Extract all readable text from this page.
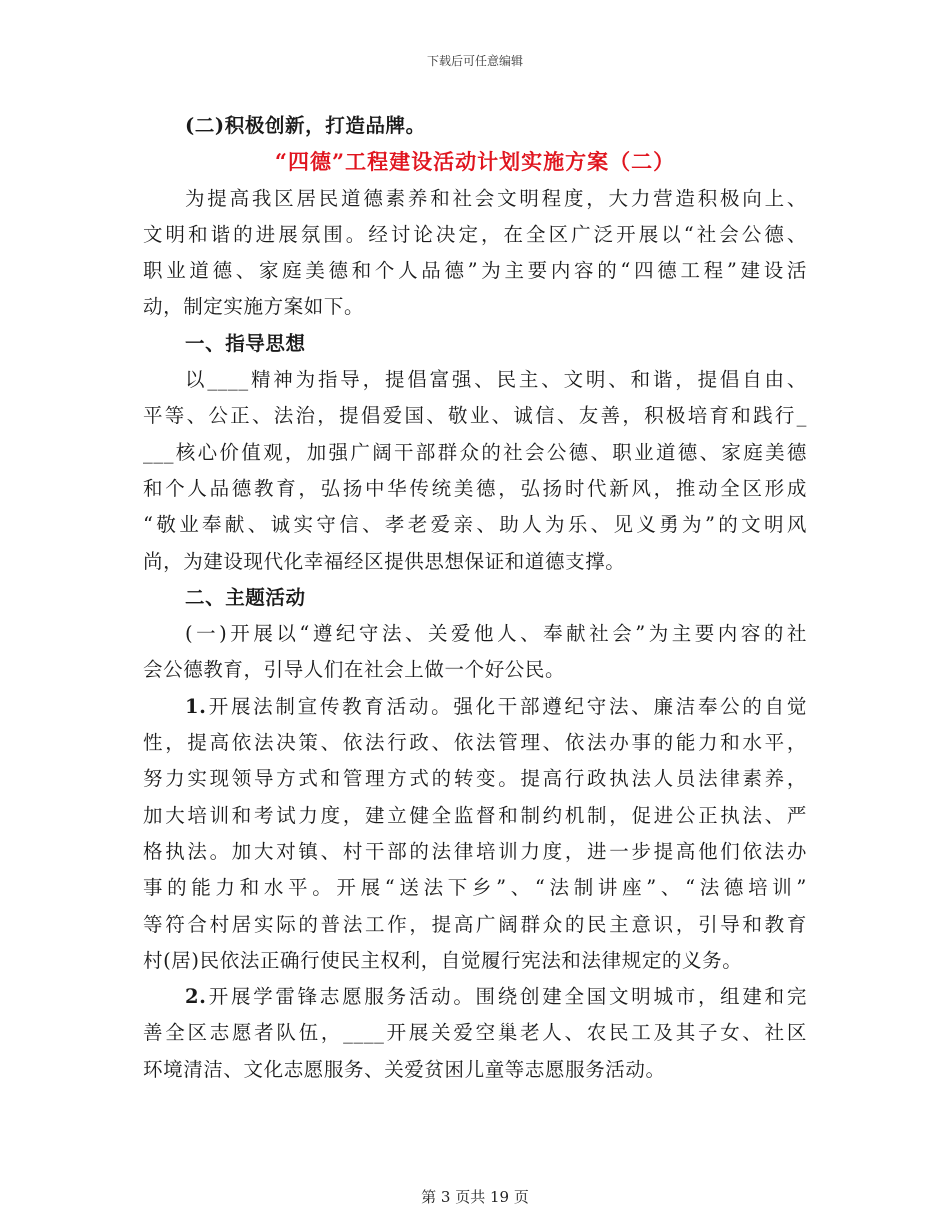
下载后可任意编辑
(二)积极创新，打造品牌。
“四德”工程建设活动计划实施方案（二）
为提高我区居民道德素养和社会文明程度，大力营造积极向上、
文明和谐的进展氛围。经讨论决定，在全区广泛开展以“社会公德、
职业道德、家庭美德和个人品德”为主要内容的“四德工程”建设活
动，制定实施方案如下。
一、指导思想
以____精神为指导，提倡富强、民主、文明、和谐，提倡自由、
平等、公正、法治，提倡爱国、敬业、诚信、友善，积极培育和践行_
___核心价值观，加强广阔干部群众的社会公德、职业道德、家庭美德
和个人品德教育，弘扬中华传统美德，弘扬时代新风，推动全区形成
“敬业奉献、诚实守信、孝老爱亲、助人为乐、见义勇为”的文明风
尚，为建设现代化幸福经区提供思想保证和道德支撑。
二、主题活动
(一)开展以“遵纪守法、关爱他人、奉献社会”为主要内容的社
会公德教育，引导人们在社会上做一个好公民。
1.开展法制宣传教育活动。强化干部遵纪守法、廉洁奉公的自觉
性，提高依法决策、依法行政、依法管理、依法办事的能力和水平，
努力实现领导方式和管理方式的转变。提高行政执法人员法律素养，
加大培训和考试力度，建立健全监督和制约机制，促进公正执法、严
格执法。加大对镇、村干部的法律培训力度，进一步提高他们依法办
事的能力和水平。开展“送法下乡”、“法制讲座”、“法德培训”
等符合村居实际的普法工作，提高广阔群众的民主意识，引导和教育
村(居)民依法正确行使民主权利，自觉履行宪法和法律规定的义务。
2.开展学雷锋志愿服务活动。围绕创建全国文明城市，组建和完
善全区志愿者队伍，____开展关爱空巢老人、农民工及其子女、社区
环境清洁、文化志愿服务、关爱贫困儿童等志愿服务活动。
第 3 页共 19 页
